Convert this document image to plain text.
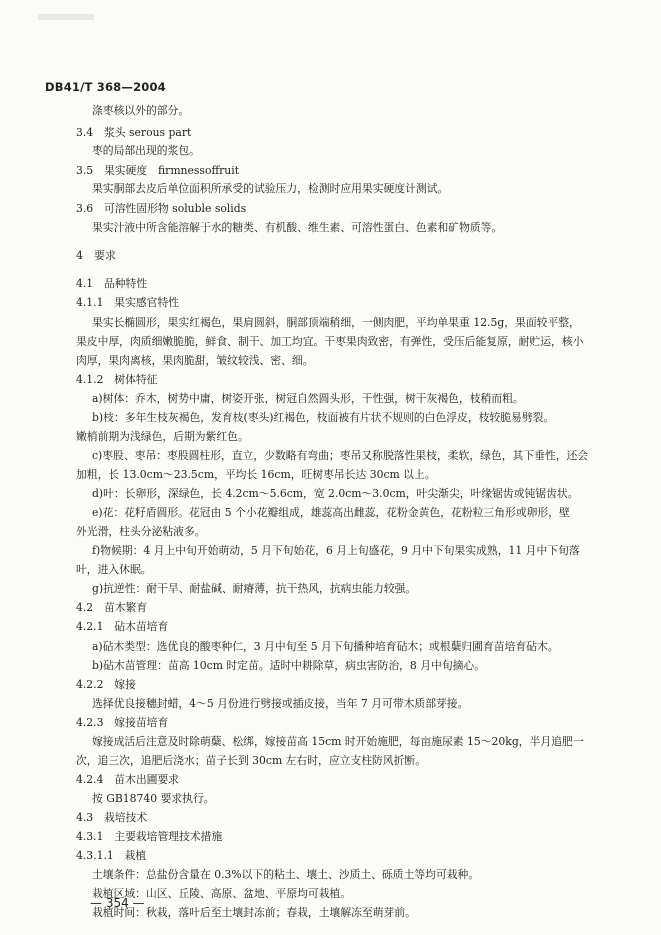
DB41/T 368—2004
涤枣核以外的部分。
3.4　浆头 serous part
枣的局部出现的浆包。
3.5　果实硬度　firmnessoffruit
果实胴部去皮后单位面积所承受的试验压力，检测时应用果实硬度计测试。
3.6　可溶性固形物 soluble solids
果实汁液中所含能溶解于水的糖类、有机酸、维生素、可溶性蛋白、色素和矿物质等。
4　要求
4.1　品种特性
4.1.1　果实感官特性
果实长椭圆形，果实红褐色，果肩圆斜，胴部顶端稍细，一侧肉肥，平均单果重 12.5g，果面较平整，
果皮中厚，肉质细嫩脆脆，鲜食、制干、加工均宜。干枣果肉致密，有弹性，受压后能复原，耐贮运，核小
肉厚，果肉离核，果肉脆甜，皱纹较浅、密、细。
4.1.2　树体特征
a)树体：乔木，树势中庸，树姿开张，树冠自然圆头形，干性强，树干灰褐色，枝稍而粗。
b)枝：多年生枝灰褐色，发育枝(枣头)红褐色，枝面被有片状不规则的白色浮皮，枝较脆易劈裂。
嫩梢前期为浅绿色，后期为紫红色。
c)枣股、枣吊：枣股圆柱形，直立，少数略有弯曲；枣吊又称脱落性果枝，柔软，绿色，其下垂性，还会
加粗，长 13.0cm～23.5cm，平均长 16cm，旺树枣吊长达 30cm 以上。
d)叶：长卵形，深绿色，长 4.2cm～5.6cm，宽 2.0cm～3.0cm，叶尖渐尖，叶缘锯齿或钝锯齿状。
e)花：花籽盾圆形。花冠由 5 个小花瓣组成，雄蕊高出雌蕊，花粉金黄色，花粉粒三角形或卵形，壁
外光滑，柱头分泌粘液多。
f)物候期：4 月上中旬开始萌动，5 月下旬始花，6 月上旬盛花，9 月中下旬果实成熟，11 月中下旬落
叶，进入休眠。
g)抗逆性：耐干旱、耐盐碱、耐瘠薄，抗干热风，抗病虫能力较强。
4.2　苗木繁育
4.2.1　砧木苗培育
a)砧木类型：选优良的酸枣种仁，3 月中旬至 5 月下旬播种培育砧木；或根蘖归圃育苗培育砧木。
b)砧木苗管理：苗高 10cm 时定苗。适时中耕除草，病虫害防治，8 月中旬摘心。
4.2.2　嫁接
选择优良接穗封蜡，4～5 月份进行劈接或插皮接，当年 7 月可带木质部芽接。
4.2.3　嫁接苗培育
嫁接成活后注意及时除萌蘖、松绑，嫁接苗高 15cm 时开始施肥，每亩施尿素 15～20kg，半月追肥一
次，追三次，追肥后浇水；苗子长到 30cm 左右时，应立支柱防风折断。
4.2.4　苗木出圃要求
按 GB18740 要求执行。
4.3　栽培技术
4.3.1　主要栽培管理技术措施
4.3.1.1　栽植
土壤条件：总盐份含量在 0.3%以下的粘土、壤土、沙质土、砾质土等均可栽种。
栽植区域：山区、丘陵、高原、盆地、平原均可栽植。
栽植时间：秋栽，落叶后至土壤封冻前；春栽，土壤解冻至萌芽前。
— 354 —
